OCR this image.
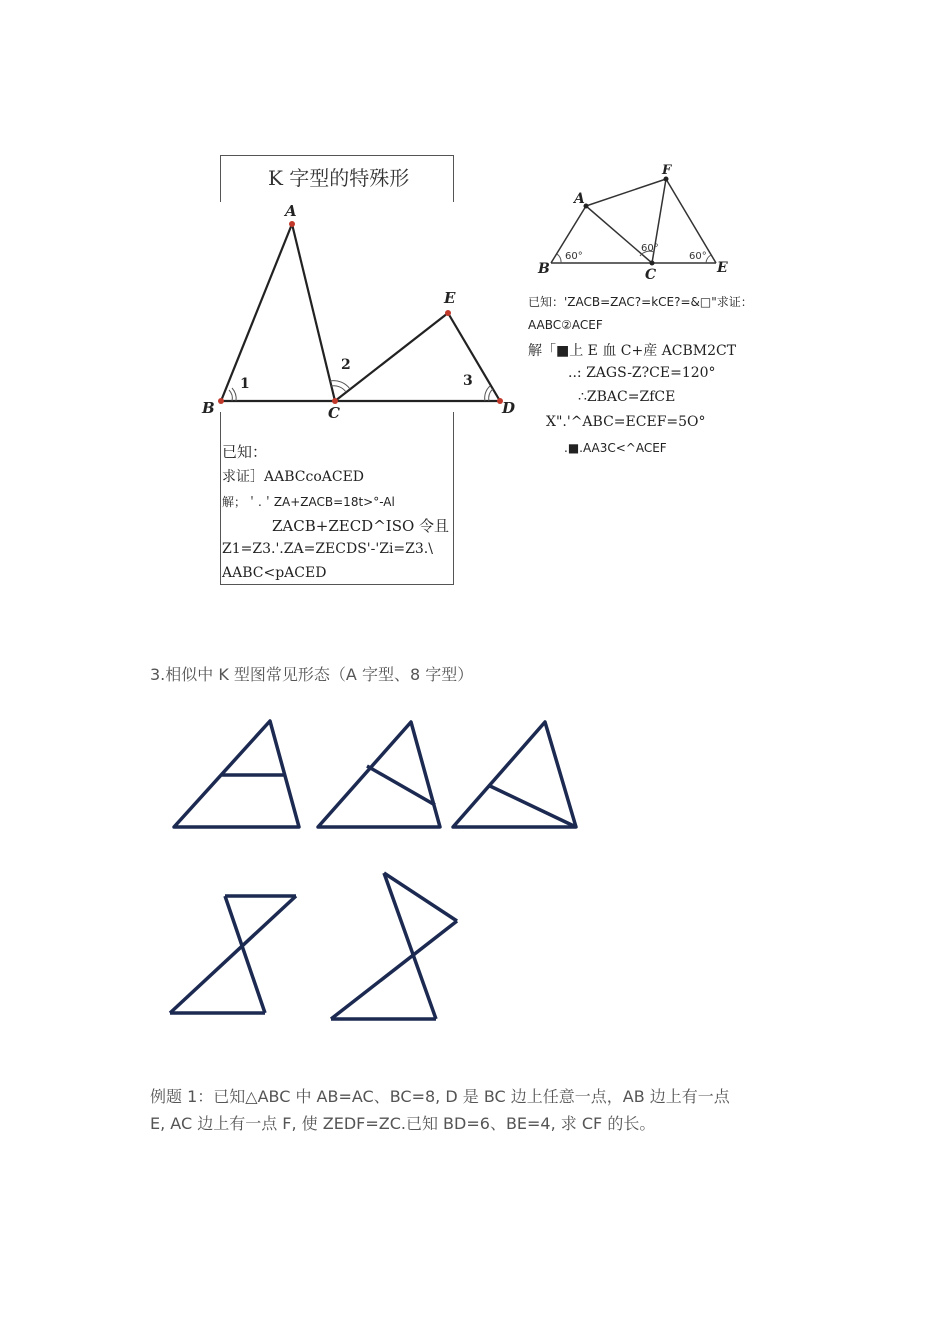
K 字型的特殊形
A
B	C	D
E
1
2
3
已知：
求证］AABCcoACED
解；＇.＇ZA+ZACB=18t>°-Al
ZACB+ZECD^ISO 令且
Z1=Z3.'.ZA=ZECDS'-'Zi=Z3.\
AABC<pACED
A
F
B	C	E
60°
60°
60°
已知：'ZACB=ZAC?=kCE?=&□"求证：
AABC②ACEF
解「■上 E 血 C+産 ACBM2CT
..: ZAGS-Z?CE=120°
∴ZBAC=ZfCE
X".'^ABC=ECEF=5O°
.■.AA3C<^ACEF
3.相似中 K 型图常见形态（A 字型、8 字型）
例题 1：已知△ABC 中 AB=AC、BC=8, D 是 BC 边上任意一点，AB 边上有一点
E, AC 边上有一点 F, 使 ZEDF=ZC.已知 BD=6、BE=4, 求 CF 的长。
